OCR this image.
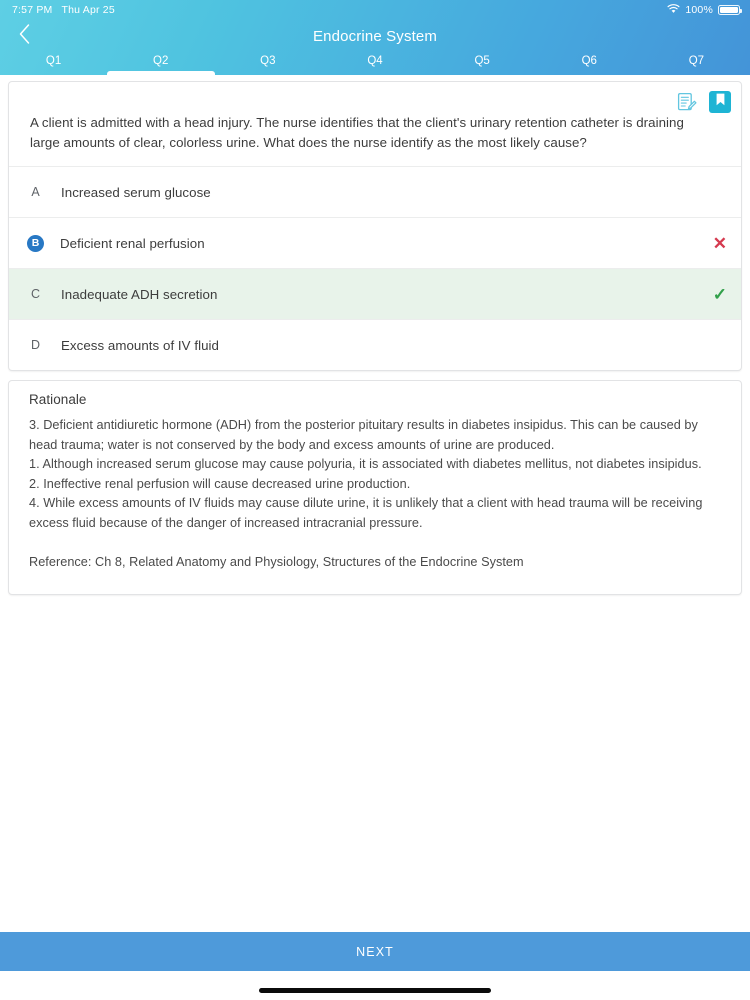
7:57 PM Thu Apr 25	100%
Endocrine System
Q1	Q2	Q3	Q4	Q5	Q6	Q7
A client is admitted with a head injury. The nurse identifies that the client's urinary retention catheter is draining large amounts of clear, colorless urine. What does the nurse identify as the most likely cause?
A	Increased serum glucose
B	Deficient renal perfusion	✕
C	Inadequate ADH secretion	✓
D	Excess amounts of IV fluid
Rationale

3. Deficient antidiuretic hormone (ADH) from the posterior pituitary results in diabetes insipidus. This can be caused by head trauma; water is not conserved by the body and excess amounts of urine are produced.

1. Although increased serum glucose may cause polyuria, it is associated with diabetes mellitus, not diabetes insipidus.

2. Ineffective renal perfusion will cause decreased urine production.

4. While excess amounts of IV fluids may cause dilute urine, it is unlikely that a client with head trauma will be receiving excess fluid because of the danger of increased intracranial pressure.

Reference: Ch 8, Related Anatomy and Physiology, Structures of the Endocrine System

NEXT
